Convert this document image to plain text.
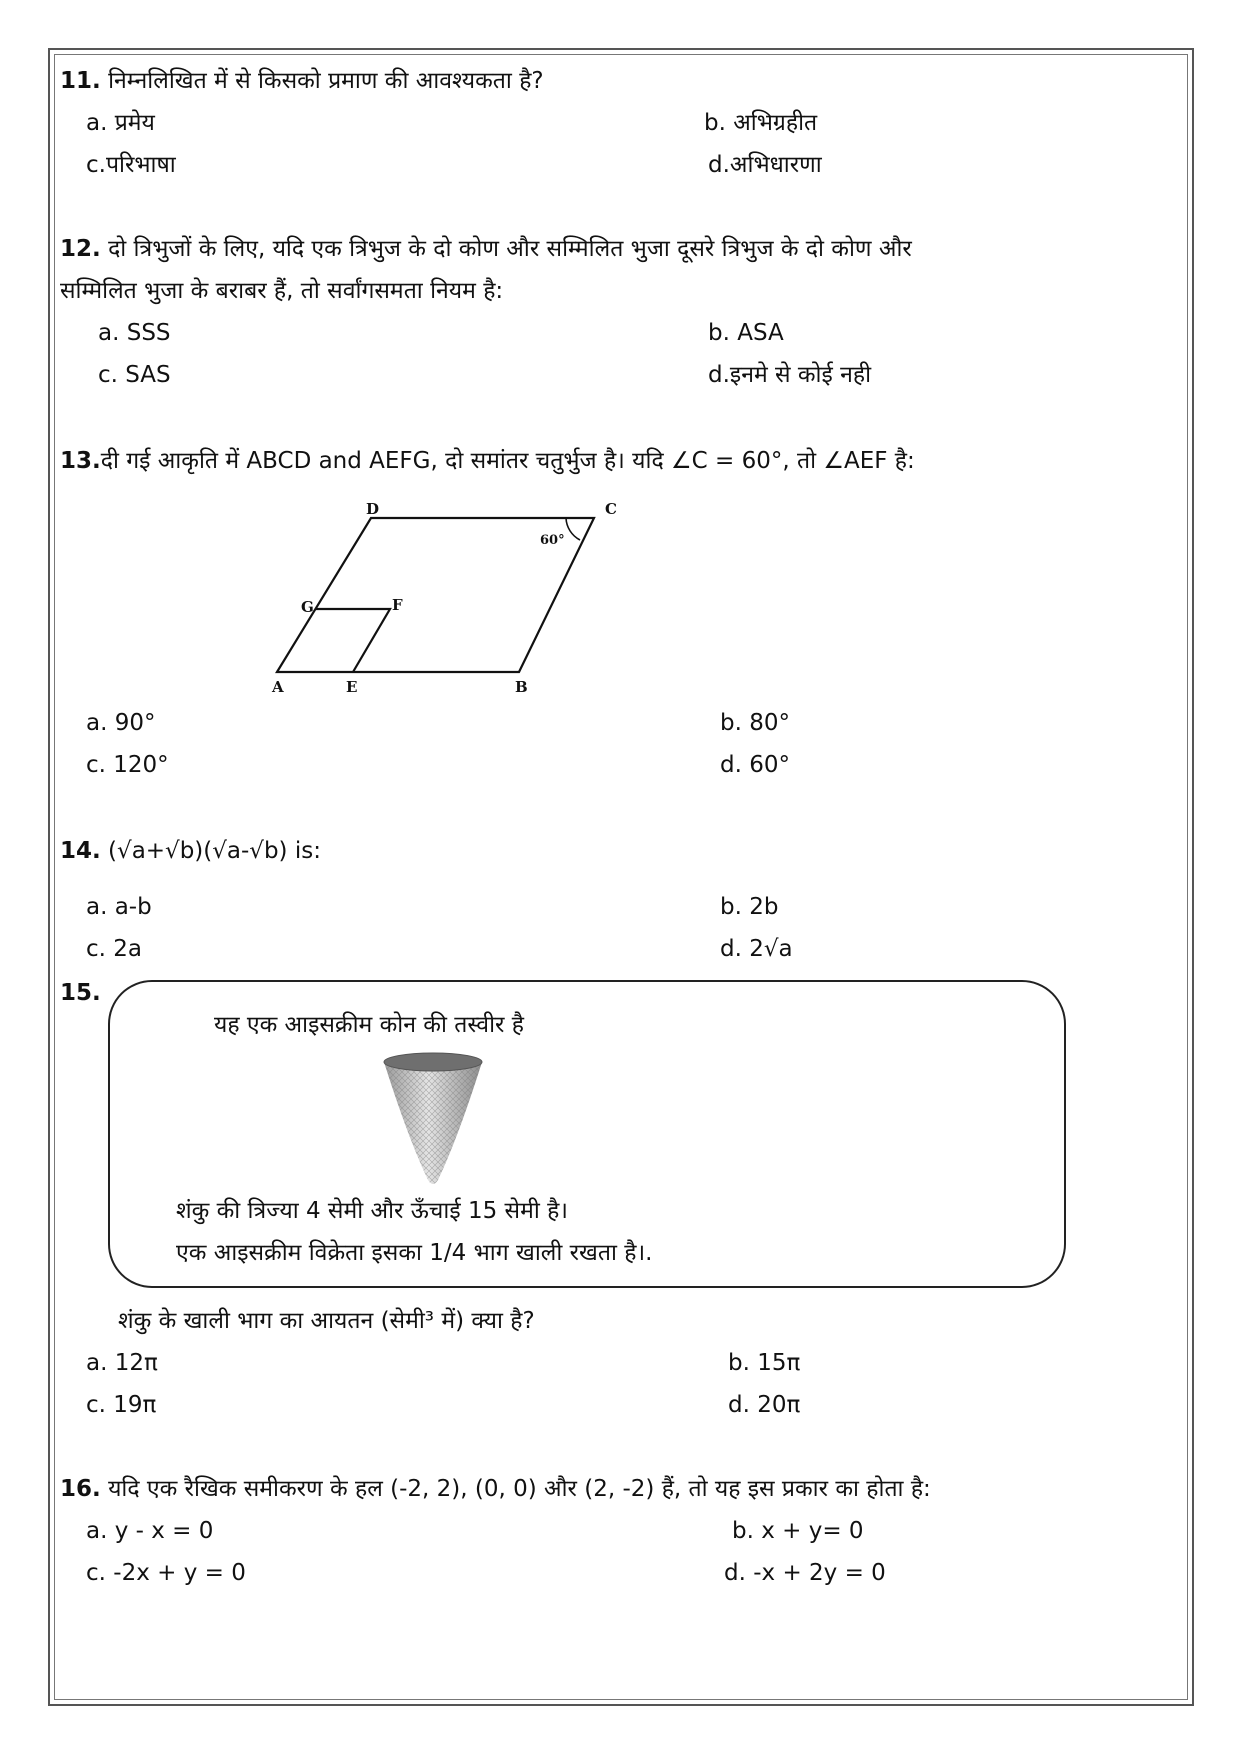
11. निम्नलिखित में से किसको प्रमाण की आवश्यकता है?
a. प्रमेय	b. अभिग्रहीत
c.परिभाषा	d.अभिधारणा
12. दो त्रिभुजों के लिए, यदि एक त्रिभुज के दो कोण और सम्मिलित भुजा दूसरे त्रिभुज के दो कोण और
सम्मिलित भुजा के बराबर हैं, तो सर्वांगसमता नियम है:
a. SSS	b. ASA
c. SAS	d.इनमे से कोई नही
13.दी गई आकृति में ABCD and AEFG, दो समांतर चतुर्भुज है। यदि ∠C = 60°, तो ∠AEF है:
D	C
G	F
A	E	B
60°
a. 90°	b. 80°
c. 120°	d. 60°
14. (√a+√b)(√a-√b) is:
a. a-b	b. 2b
c. 2a	d. 2√a
15.
यह एक आइसक्रीम कोन की तस्वीर है
शंकु की त्रिज्या 4 सेमी और ऊँचाई 15 सेमी है।
एक आइसक्रीम विक्रेता इसका 1/4 भाग खाली रखता है।.
शंकु के खाली भाग का आयतन (सेमी³ में) क्या है?
a. 12π	b. 15π
c. 19π	d. 20π
16. यदि एक रैखिक समीकरण के हल (-2, 2), (0, 0) और (2, -2) हैं, तो यह इस प्रकार का होता है:
a. y - x = 0	b. x + y= 0
c. -2x + y = 0	d. -x + 2y = 0
